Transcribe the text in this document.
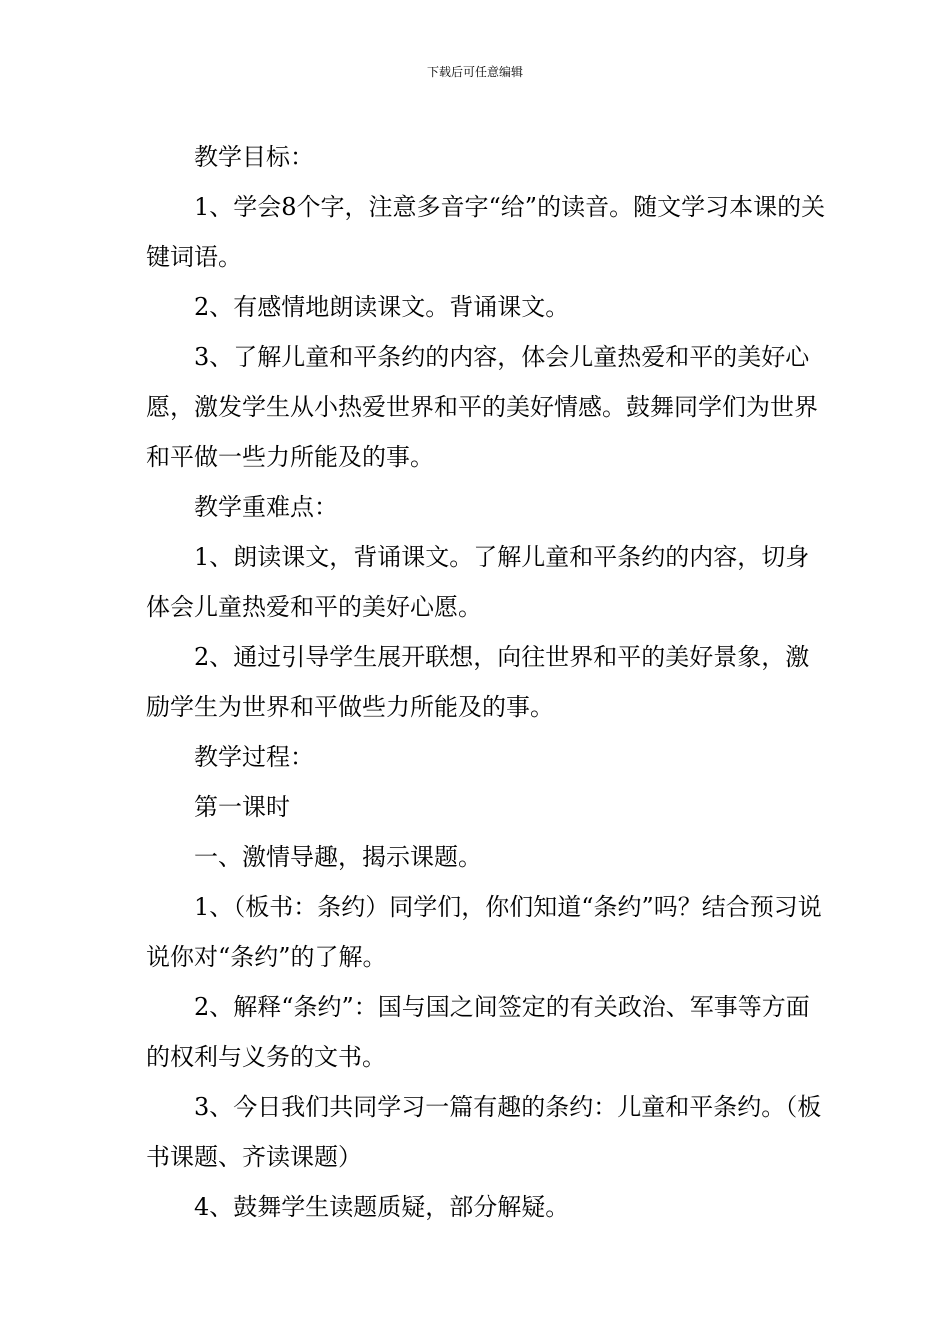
下载后可任意编辑

教学目标：

1、学会8个字，注意多音字“给”的读音。随文学习本课的关键词语。

2、有感情地朗读课文。背诵课文。

3、了解儿童和平条约的内容，体会儿童热爱和平的美好心愿，激发学生从小热爱世界和平的美好情感。鼓舞同学们为世界和平做一些力所能及的事。

教学重难点：

1、朗读课文，背诵课文。了解儿童和平条约的内容，切身体会儿童热爱和平的美好心愿。

2、通过引导学生展开联想，向往世界和平的美好景象，激励学生为世界和平做些力所能及的事。

教学过程：

第一课时

一、激情导趣，揭示课题。

1、（板书：条约）同学们，你们知道“条约”吗？结合预习说说你对“条约”的了解。

2、解释“条约”：国与国之间签定的有关政治、军事等方面的权利与义务的文书。

3、今日我们共同学习一篇有趣的条约：儿童和平条约。（板书课题、齐读课题）

4、鼓舞学生读题质疑，部分解疑。
